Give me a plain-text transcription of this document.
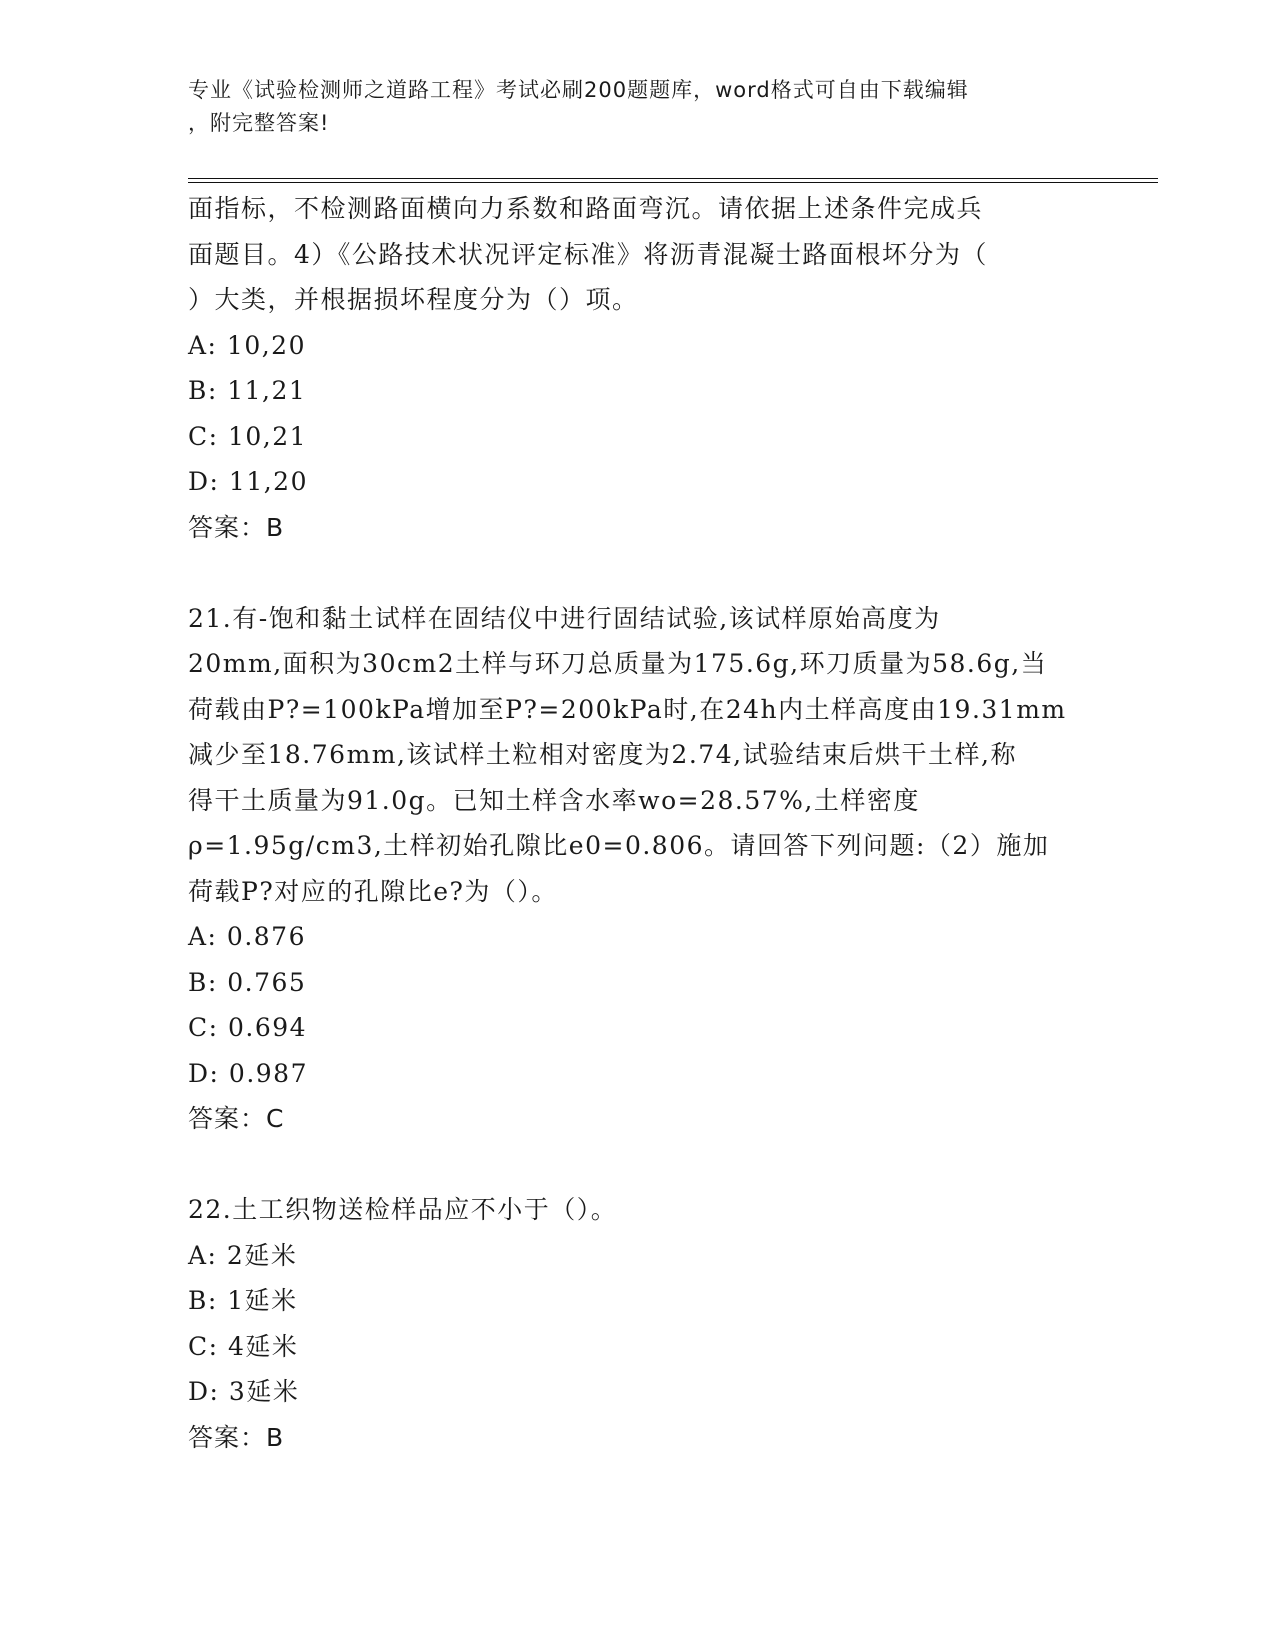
专业《试验检测师之道路工程》考试必刷200题题库，word格式可自由下载编辑
，附完整答案!
面指标，不检测路面横向力系数和路面弯沉。请依据上述条件完成兵
面题目。4）《公路技术状况评定标准》将沥青混凝士路面根坏分为（
）大类，并根据损坏程度分为（）项。
A: 10,20
B: 11,21
C: 10,21
D: 11,20
答案：B
21.有-饱和黏土试样在固结仪中进行固结试验,该试样原始高度为
20mm,面积为30cm2土样与环刀总质量为175.6g,环刀质量为58.6g,当
荷载由P?=100kPa增加至P?=200kPa时,在24h内土样高度由19.31mm
减少至18.76mm,该试样土粒相对密度为2.74,试验结束后烘干土样,称
得干土质量为91.0g。已知土样含水率wo=28.57%,土样密度
ρ=1.95g/cm3,土样初始孔隙比e0=0.806。请回答下列问题:（2）施加
荷载P?对应的孔隙比e?为（）。
A: 0.876
B: 0.765
C: 0.694
D: 0.987
答案：C
22.土工织物送检样品应不小于（）。
A: 2延米
B: 1延米
C: 4延米
D: 3延米
答案：B
